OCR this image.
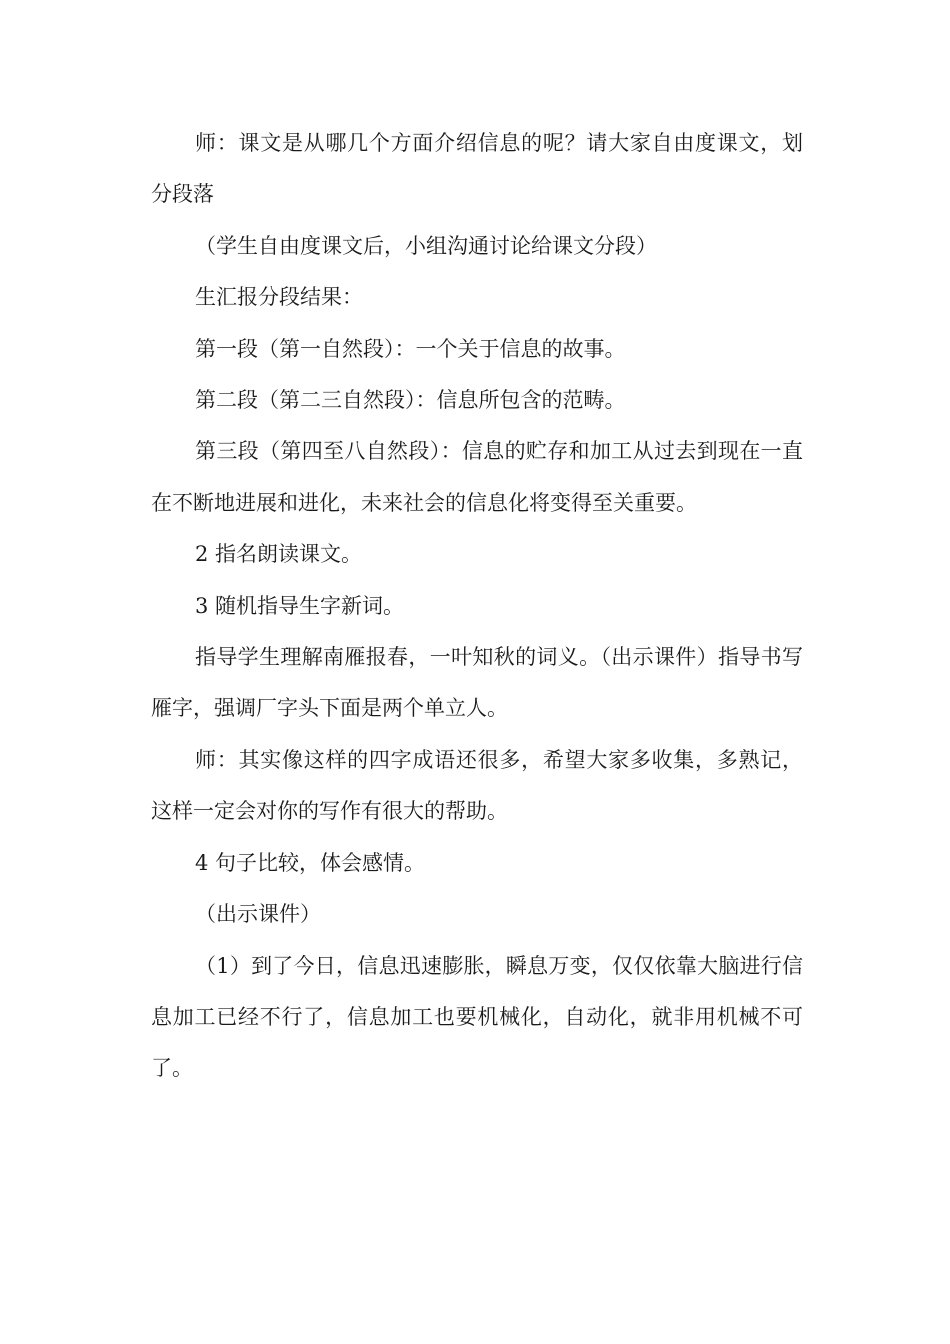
师：课文是从哪几个方面介绍信息的呢？请大家自由度课文，划分段落

（学生自由度课文后，小组沟通讨论给课文分段）

生汇报分段结果：

第一段（第一自然段）：一个关于信息的故事。

第二段（第二三自然段）：信息所包含的范畴。

第三段（第四至八自然段）：信息的贮存和加工从过去到现在一直在不断地进展和进化，未来社会的信息化将变得至关重要。

2 指名朗读课文。

3 随机指导生字新词。

指导学生理解南雁报春，一叶知秋的词义。（出示课件）指导书写雁字，强调厂字头下面是两个单立人。

师：其实像这样的四字成语还很多，希望大家多收集，多熟记，这样一定会对你的写作有很大的帮助。

4 句子比较，体会感情。

（出示课件）

（1）到了今日，信息迅速膨胀，瞬息万变，仅仅依靠大脑进行信息加工已经不行了，信息加工也要机械化，自动化，就非用机械不可了。
